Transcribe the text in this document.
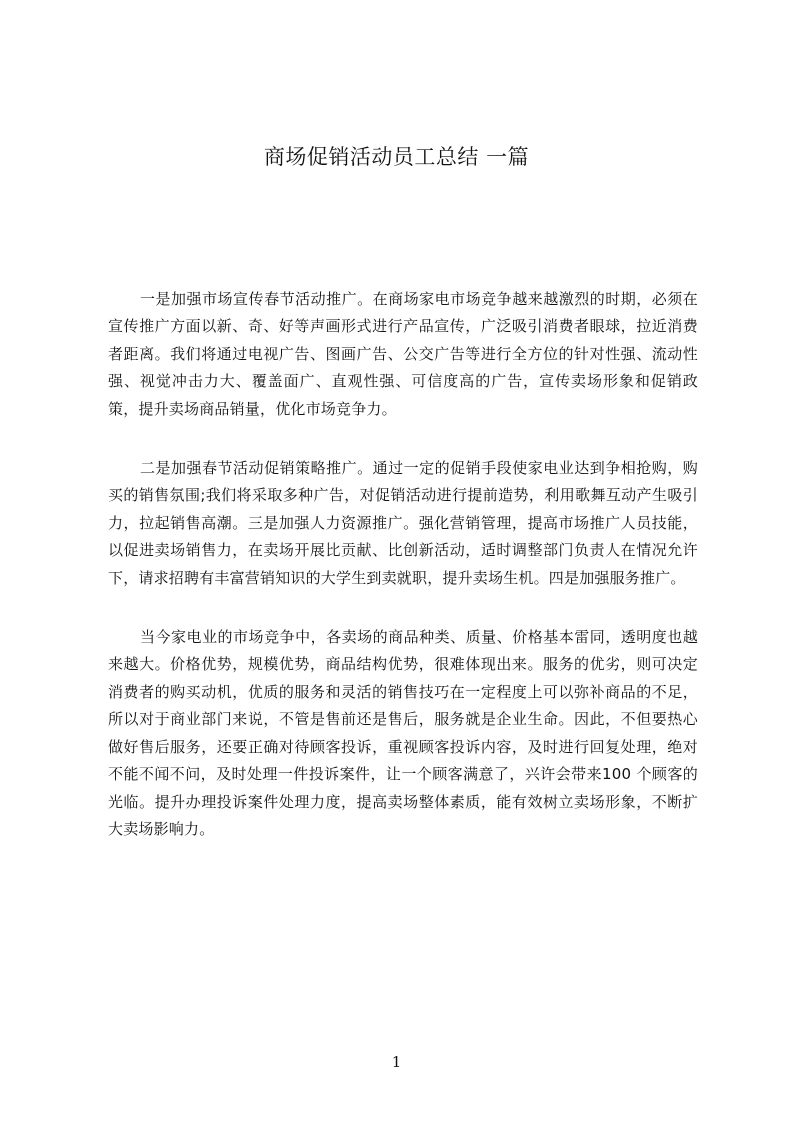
商场促销活动员工总结 一篇

一是加强市场宣传春节活动推广。在商场家电市场竞争越来越激烈的时期，必须在宣传推广方面以新、奇、好等声画形式进行产品宣传，广泛吸引消费者眼球，拉近消费者距离。我们将通过电视广告、图画广告、公交广告等进行全方位的针对性强、流动性强、视觉冲击力大、覆盖面广、直观性强、可信度高的广告，宣传卖场形象和促销政策，提升卖场商品销量，优化市场竞争力。

二是加强春节活动促销策略推广。通过一定的促销手段使家电业达到争相抢购，购买的销售氛围;我们将采取多种广告，对促销活动进行提前造势，利用歌舞互动产生吸引力，拉起销售高潮。三是加强人力资源推广。强化营销管理，提高市场推广人员技能，以促进卖场销售力，在卖场开展比贡献、比创新活动，适时调整部门负责人在情况允许下，请求招聘有丰富营销知识的大学生到卖就职，提升卖场生机。四是加强服务推广。

当今家电业的市场竞争中，各卖场的商品种类、质量、价格基本雷同，透明度也越来越大。价格优势，规模优势，商品结构优势，很难体现出来。服务的优劣，则可决定消费者的购买动机，优质的服务和灵活的销售技巧在一定程度上可以弥补商品的不足，所以对于商业部门来说，不管是售前还是售后，服务就是企业生命。因此，不但要热心做好售后服务，还要正确对待顾客投诉，重视顾客投诉内容，及时进行回复处理，绝对不能不闻不问，及时处理一件投诉案件，让一个顾客满意了，兴许会带来100 个顾客的光临。提升办理投诉案件处理力度，提高卖场整体素质，能有效树立卖场形象，不断扩大卖场影响力。

1
